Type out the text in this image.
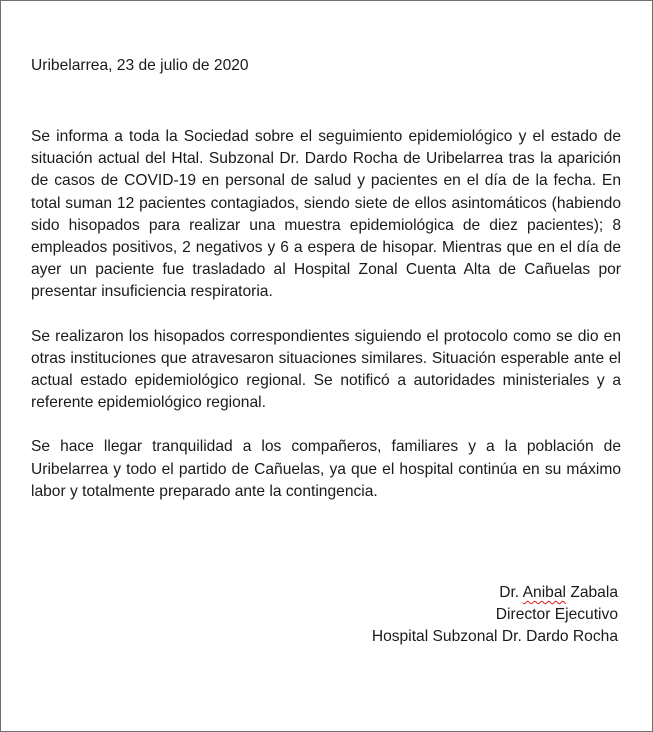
Uribelarrea, 23 de julio de 2020

Se informa a toda la Sociedad sobre el seguimiento epidemiológico y el estado de situación actual del Htal. Subzonal Dr. Dardo Rocha de Uribelarrea tras la aparición de casos de COVID-19 en personal de salud y pacientes en el día de la fecha. En total suman 12 pacientes contagiados, siendo siete de ellos asintomáticos (habiendo sido hisopados para realizar una muestra epidemiológica de diez pacientes); 8 empleados positivos, 2 negativos y 6 a espera de hisopar. Mientras que en el día de ayer un paciente fue trasladado al Hospital Zonal Cuenta Alta de Cañuelas por presentar insuficiencia respiratoria.

Se realizaron los hisopados correspondientes siguiendo el protocolo como se dio en otras instituciones que atravesaron situaciones similares. Situación esperable ante el actual estado epidemiológico regional. Se notificó a autoridades ministeriales y a referente epidemiológico regional.

Se hace llegar tranquilidad a los compañeros, familiares y a la población de Uribelarrea y todo el partido de Cañuelas, ya que el hospital continúa en su máximo labor y totalmente preparado ante la contingencia.

Dr. Anibal Zabala
Director Ejecutivo
Hospital Subzonal Dr. Dardo Rocha
